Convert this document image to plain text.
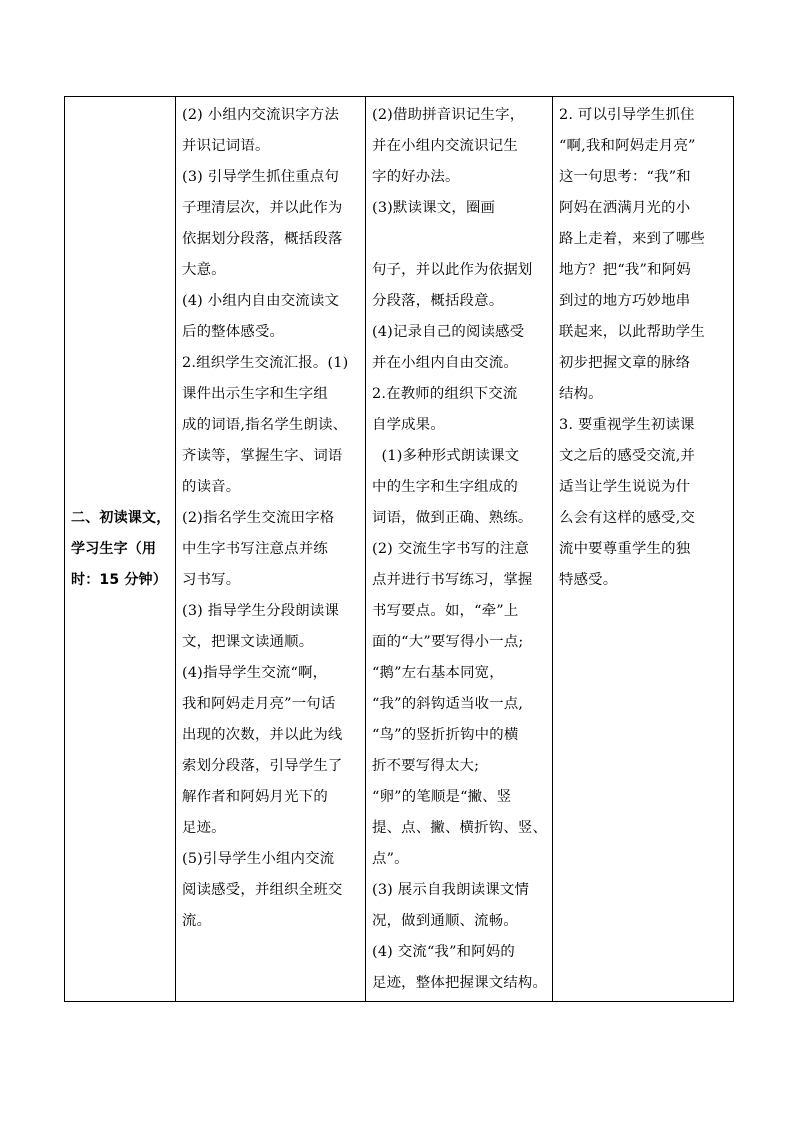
二、初读课文，
学习生字（用
时：15 分钟）

(2) 小组内交流识字方法
并识记词语。
(3) 引导学生抓住重点句
子理清层次，并以此作为
依据划分段落，概括段落
大意。
(4) 小组内自由交流读文
后的整体感受。
2.组织学生交流汇报。(1)
课件出示生字和生字组
成的词语,指名学生朗读、
齐读等，掌握生字、词语
的读音。
(2)指名学生交流田字格
中生字书写注意点并练
习书写。
(3) 指导学生分段朗读课
文，把课文读通顺。
(4)指导学生交流“啊，
我和阿妈走月亮”一句话
出现的次数，并以此为线
索划分段落，引导学生了
解作者和阿妈月光下的
足迹。
(5)引导学生小组内交流
阅读感受，并组织全班交
流。

(2)借助拼音识记生字，
并在小组内交流识记生
字的好办法。
(3)默读课文，圈画
句子，并以此作为依据划
分段落，概括段意。
(4)记录自己的阅读感受
并在小组内自由交流。
2.在教师的组织下交流
自学成果。
(1)多种形式朗读课文
中的生字和生字组成的
词语，做到正确、熟练。
(2) 交流生字书写的注意
点并进行书写练习，掌握
书写要点。如，“牵”上
面的“大”要写得小一点;
“鹅”左右基本同宽，
“我”的斜钩适当收一点,
“鸟”的竖折折钩中的横
折不要写得太大;
“卵”的笔顺是“撇、竖
提、点、撇、横折钩、竖、
点”。
(3) 展示自我朗读课文情
况，做到通顺、流畅。
(4) 交流“我”和阿妈的
足迹，整体把握课文结构。

2. 可以引导学生抓住
“啊,我和阿妈走月亮”
这一句思考：“我”和
阿妈在洒满月光的小
路上走着，来到了哪些
地方？把“我”和阿妈
到过的地方巧妙地串
联起来，以此帮助学生
初步把握文章的脉络
结构。
3. 要重视学生初读课
文之后的感受交流,并
适当让学生说说为什
么会有这样的感受,交
流中要尊重学生的独
特感受。
